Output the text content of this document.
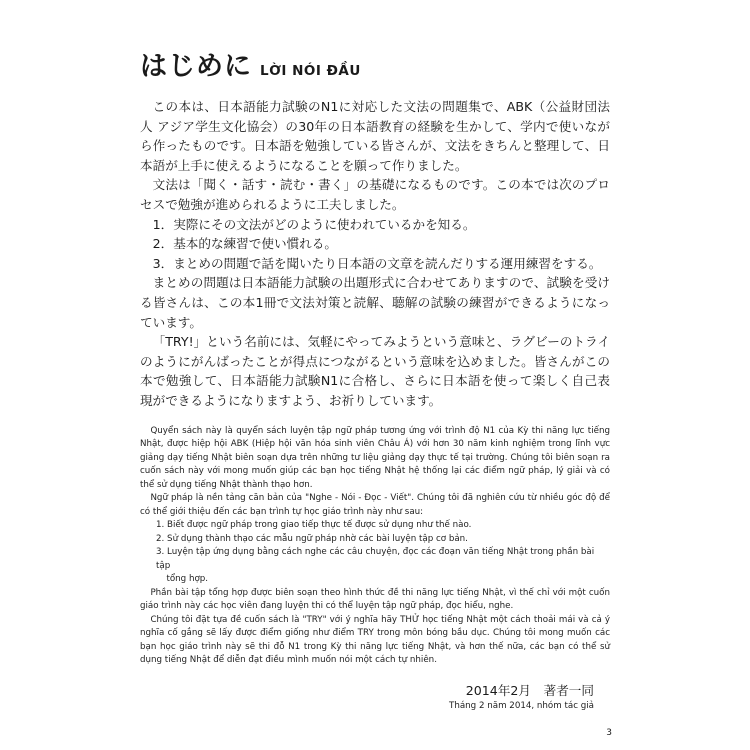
はじめに LỜI NÓI ĐẦU

この本は、日本語能力試験のN1に対応した文法の問題集で、ABK（公益財団法人 アジア学生文化協会）の30年の日本語教育の経験を生かして、学内で使いながら作ったものです。日本語を勉強している皆さんが、文法をきちんと整理して、日本語が上手に使えるようになることを願って作りました。

文法は「聞く・話す・読む・書く」の基礎になるものです。この本では次のプロセスで勉強が進められるように工夫しました。

1．実際にその文法がどのように使われているかを知る。
2．基本的な練習で使い慣れる。
3．まとめの問題で話を聞いたり日本語の文章を読んだりする運用練習をする。

まとめの問題は日本語能力試験の出題形式に合わせてありますので、試験を受ける皆さんは、この本1冊で文法対策と読解、聴解の試験の練習ができるようになっています。

「TRY!」という名前には、気軽にやってみようという意味と、ラグビーのトライのようにがんばったことが得点につながるという意味を込めました。皆さんがこの本で勉強して、日本語能力試験N1に合格し、さらに日本語を使って楽しく自己表現ができるようになりますよう、お祈りしています。

Quyển sách này là quyển sách luyện tập ngữ pháp tương ứng với trình độ N1 của Kỳ thi năng lực tiếng Nhật, được hiệp hội ABK (Hiệp hội văn hóa sinh viên Châu Á) với hơn 30 năm kinh nghiệm trong lĩnh vực giảng dạy tiếng Nhật biên soạn dựa trên những tư liệu giảng dạy thực tế tại trường. Chúng tôi biên soạn ra cuốn sách này với mong muốn giúp các bạn học tiếng Nhật hệ thống lại các điểm ngữ pháp, lý giải và có thể sử dụng tiếng Nhật thành thạo hơn.

Ngữ pháp là nền tảng căn bản của "Nghe - Nói - Đọc - Viết". Chúng tôi đã nghiên cứu từ nhiều góc độ để có thể giới thiệu đến các bạn trình tự học giáo trình này như sau:

1. Biết được ngữ pháp trong giao tiếp thực tế được sử dụng như thế nào.
2. Sử dụng thành thạo các mẫu ngữ pháp nhờ các bài luyện tập cơ bản.
3. Luyện tập ứng dụng bằng cách nghe các câu chuyện, đọc các đoạn văn tiếng Nhật trong phần bài tập
tổng hợp.

Phần bài tập tổng hợp được biên soạn theo hình thức đề thi năng lực tiếng Nhật, vì thế chỉ với một cuốn giáo trình này các học viên đang luyện thi có thể luyện tập ngữ pháp, đọc hiểu, nghe.

Chúng tôi đặt tựa đề cuốn sách là "TRY" với ý nghĩa hãy THỬ học tiếng Nhật một cách thoải mái và cả ý nghĩa cố gắng sẽ lấy được điểm giống như điểm TRY trong môn bóng bầu dục. Chúng tôi mong muốn các bạn học giáo trình này sẽ thi đỗ N1 trong Kỳ thi năng lực tiếng Nhật, và hơn thế nữa, các bạn có thể sử dụng tiếng Nhật để diễn đạt điều mình muốn nói một cách tự nhiên.

2014年2月　著者一同
Tháng 2 năm 2014, nhóm tác giả
3
